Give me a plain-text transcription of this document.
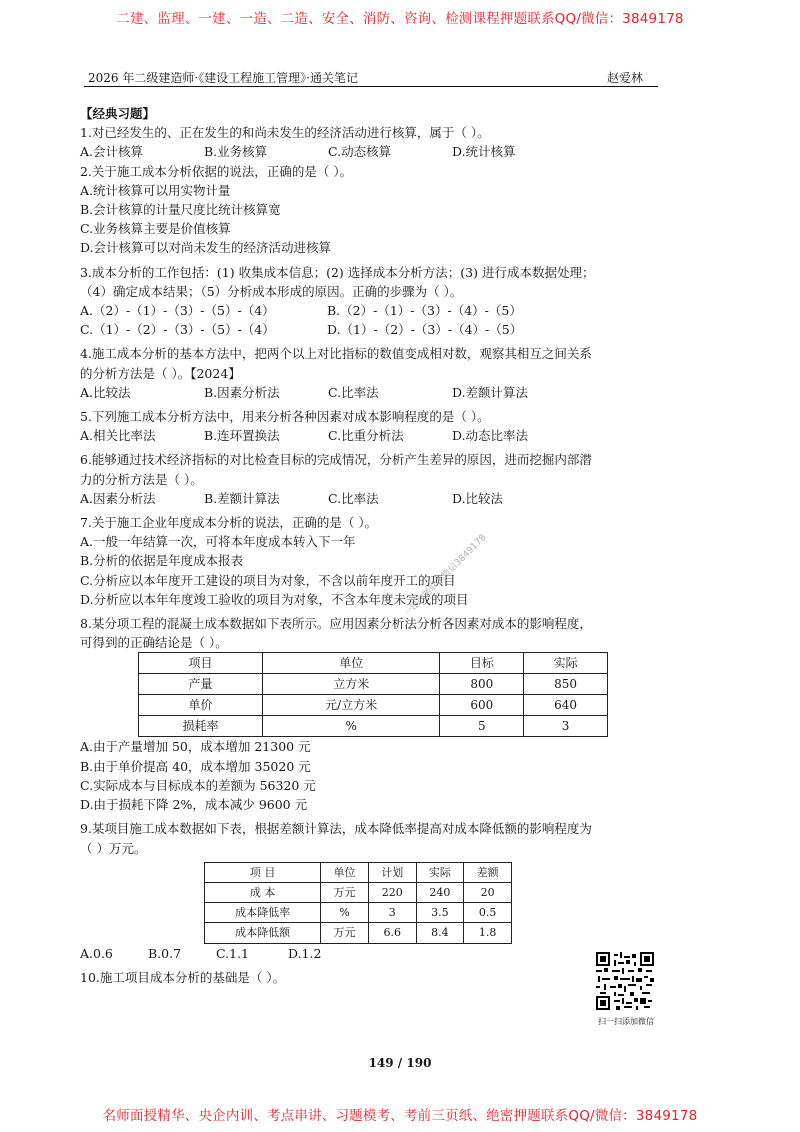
二建、监理、一建、一造、二造、安全、消防、咨询、检测课程押题联系QQ/微信：3849178
2026 年二级建造师·《建设工程施工管理》·通关笔记	赵爱林

【经典习题】

1.对已经发生的、正在发生的和尚未发生的经济活动进行核算，属于（ ）。

A.会计核算	B.业务核算	C.动态核算	D.统计核算

2.关于施工成本分析依据的说法，正确的是（ ）。

A.统计核算可以用实物计量

B.会计核算的计量尺度比统计核算宽

C.业务核算主要是价值核算

D.会计核算可以对尚未发生的经济活动进核算

3.成本分析的工作包括：(1) 收集成本信息；(2) 选择成本分析方法；(3) 进行成本数据处理；

（4）确定成本结果；（5）分析成本形成的原因。正确的步骤为（ ）。

A.（2）-（1）-（3）-（5）-（4）	B.（2）-（1）-（3）-（4）-（5）
C.（1）-（2）-（3）-（5）-（4）	D.（1）-（2）-（3）-（4）-（5）

4.施工成本分析的基本方法中，把两个以上对比指标的数值变成相对数，观察其相互之间关系

的分析方法是（ ）。【2024】

A.比较法	B.因素分析法	C.比率法	D.差额计算法

5.下列施工成本分析方法中，用来分析各种因素对成本影响程度的是（ ）。

A.相关比率法	B.连环置换法	C.比重分析法	D.动态比率法

6.能够通过技术经济指标的对比检查目标的完成情况，分析产生差异的原因，进而挖掘内部潜

力的分析方法是（ ）。

A.因素分析法	B.差额计算法	C.比率法	D.比较法

7.关于施工企业年度成本分析的说法，正确的是（ ）。

A.一般一年结算一次，可将本年度成本转入下一年

B.分析的依据是年度成本报表

C.分析应以本年度开工建设的项目为对象，不含以前年度开工的项目

D.分析应以本年年度竣工验收的项目为对象，不含本年度未完成的项目

8.某分项工程的混凝土成本数据如下表所示。应用因素分析法分析各因素对成本的影响程度，

可得到的正确结论是（ ）。

项目	单位	目标	实际
产量	立方米	800	850
单价	元/立方米	600	640
损耗率	%	5	3

A.由于产量增加 50，成本增加 21300 元

B.由于单价提高 40，成本增加 35020 元

C.实际成本与目标成本的差额为 56320 元

D.由于损耗下降 2%，成本减少 9600 元

9.某项目施工成本数据如下表，根据差额计算法，成本降低率提高对成本降低额的影响程度为

（ ）万元。

项 目	单位	计划	实际	差额
成 本	万元	220	240	20
成本降低率	%	3	3.5	0.5
成本降低额	万元	6.6	8.4	1.8
A.0.6	B.0.7	C.1.1	D.1.2

10.施工项目成本分析的基础是（ ）。

扫一扫添加微信
一建押题联系微信3849178
149 / 190
名师面授精华、央企内训、考点串讲、习题模考、考前三页纸、绝密押题联系QQ/微信：3849178
